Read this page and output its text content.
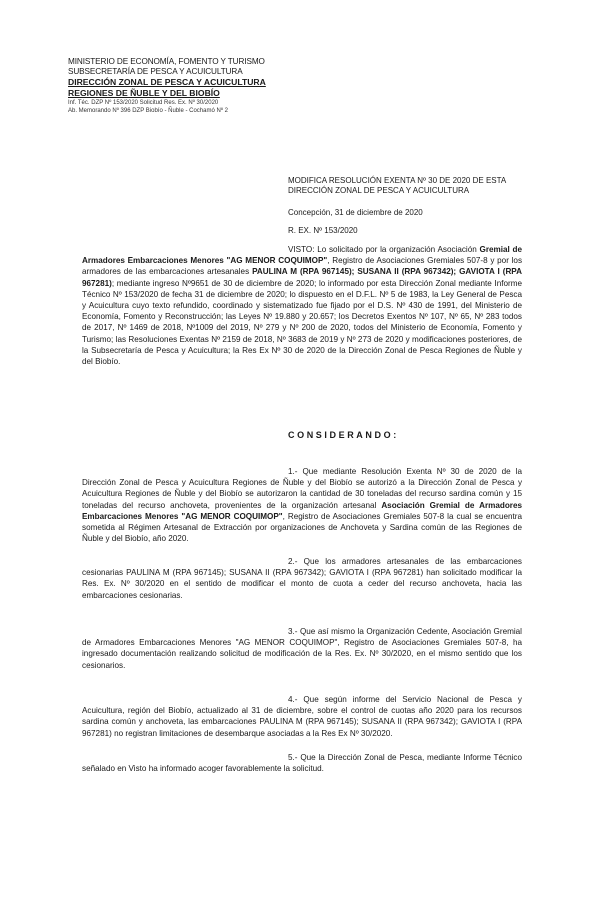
MINISTERIO DE ECONOMÍA, FOMENTO Y TURISMO
SUBSECRETARÍA DE PESCA Y ACUICULTURA
DIRECCIÓN ZONAL DE PESCA Y ACUICULTURA
REGIONES DE ÑUBLE Y DEL BIOBÍO
Inf. Téc. DZP Nº 153/2020 Solicitud Res. Ex. Nº 30/2020
Ab. Memorando Nº 396 DZP Biobío - Ñuble - Cochamó Nº 2
MODIFICA RESOLUCIÓN EXENTA Nº 30 DE 2020 DE ESTA DIRECCIÓN ZONAL DE PESCA Y ACUICULTURA
Concepción, 31 de diciembre de 2020
R. EX. Nº 153/2020
VISTO: Lo solicitado por la organización Asociación Gremial de Armadores Embarcaciones Menores "AG MENOR COQUIMOP", Registro de Asociaciones Gremiales 507-8 y por los armadores de las embarcaciones artesanales PAULINA M (RPA 967145); SUSANA II (RPA 967342); GAVIOTA I (RPA 967281); mediante ingreso Nº9651 de 30 de diciembre de 2020; lo informado por esta Dirección Zonal mediante Informe Técnico Nº 153/2020 de fecha 31 de diciembre de 2020; lo dispuesto en el D.F.L. Nº 5 de 1983, la Ley General de Pesca y Acuicultura cuyo texto refundido, coordinado y sistematizado fue fijado por el D.S. Nº 430 de 1991, del Ministerio de Economía, Fomento y Reconstrucción; las Leyes Nº 19.880 y 20.657; los Decretos Exentos Nº 107, Nº 65, Nº 283 todos de 2017, Nº 1469 de 2018, Nº1009 del 2019, Nº 279 y Nº 200 de 2020, todos del Ministerio de Economía, Fomento y Turismo; las Resoluciones Exentas Nº 2159 de 2018, Nº 3683 de 2019 y Nº 273 de 2020 y modificaciones posteriores, de la Subsecretaría de Pesca y Acuicultura; la Res Ex Nº 30 de 2020 de la Dirección Zonal de Pesca Regiones de Ñuble y del Biobío.
CONSIDERANDO:
1.- Que mediante Resolución Exenta Nº 30 de 2020 de la Dirección Zonal de Pesca y Acuicultura Regiones de Ñuble y del Biobío se autorizó a la Dirección Zonal de Pesca y Acuicultura Regiones de Ñuble y del Biobío se autorizaron la cantidad de 30 toneladas del recurso sardina común y 15 toneladas del recurso anchoveta, provenientes de la organización artesanal Asociación Gremial de Armadores Embarcaciones Menores "AG MENOR COQUIMOP", Registro de Asociaciones Gremiales 507-8 la cual se encuentra sometida al Régimen Artesanal de Extracción por organizaciones de Anchoveta y Sardina común de las Regiones de Ñuble y del Biobío, año 2020.
2.- Que los armadores artesanales de las embarcaciones cesionarias PAULINA M (RPA 967145); SUSANA II (RPA 967342); GAVIOTA I (RPA 967281) han solicitado modificar la Res. Ex. Nº 30/2020 en el sentido de modificar el monto de cuota a ceder del recurso anchoveta, hacia las embarcaciones cesionarias.
3.- Que así mismo la Organización Cedente, Asociación Gremial de Armadores Embarcaciones Menores "AG MENOR COQUIMOP", Registro de Asociaciones Gremiales 507-8, ha ingresado documentación realizando solicitud de modificación de la Res. Ex. Nº 30/2020, en el mismo sentido que los cesionarios.
4.- Que según informe del Servicio Nacional de Pesca y Acuicultura, región del Biobío, actualizado al 31 de diciembre, sobre el control de cuotas año 2020 para los recursos sardina común y anchoveta, las embarcaciones PAULINA M (RPA 967145); SUSANA II (RPA 967342); GAVIOTA I (RPA 967281) no registran limitaciones de desembarque asociadas a la Res Ex Nº 30/2020.
5.- Que la Dirección Zonal de Pesca, mediante Informe Técnico señalado en Visto ha informado acoger favorablemente la solicitud.
